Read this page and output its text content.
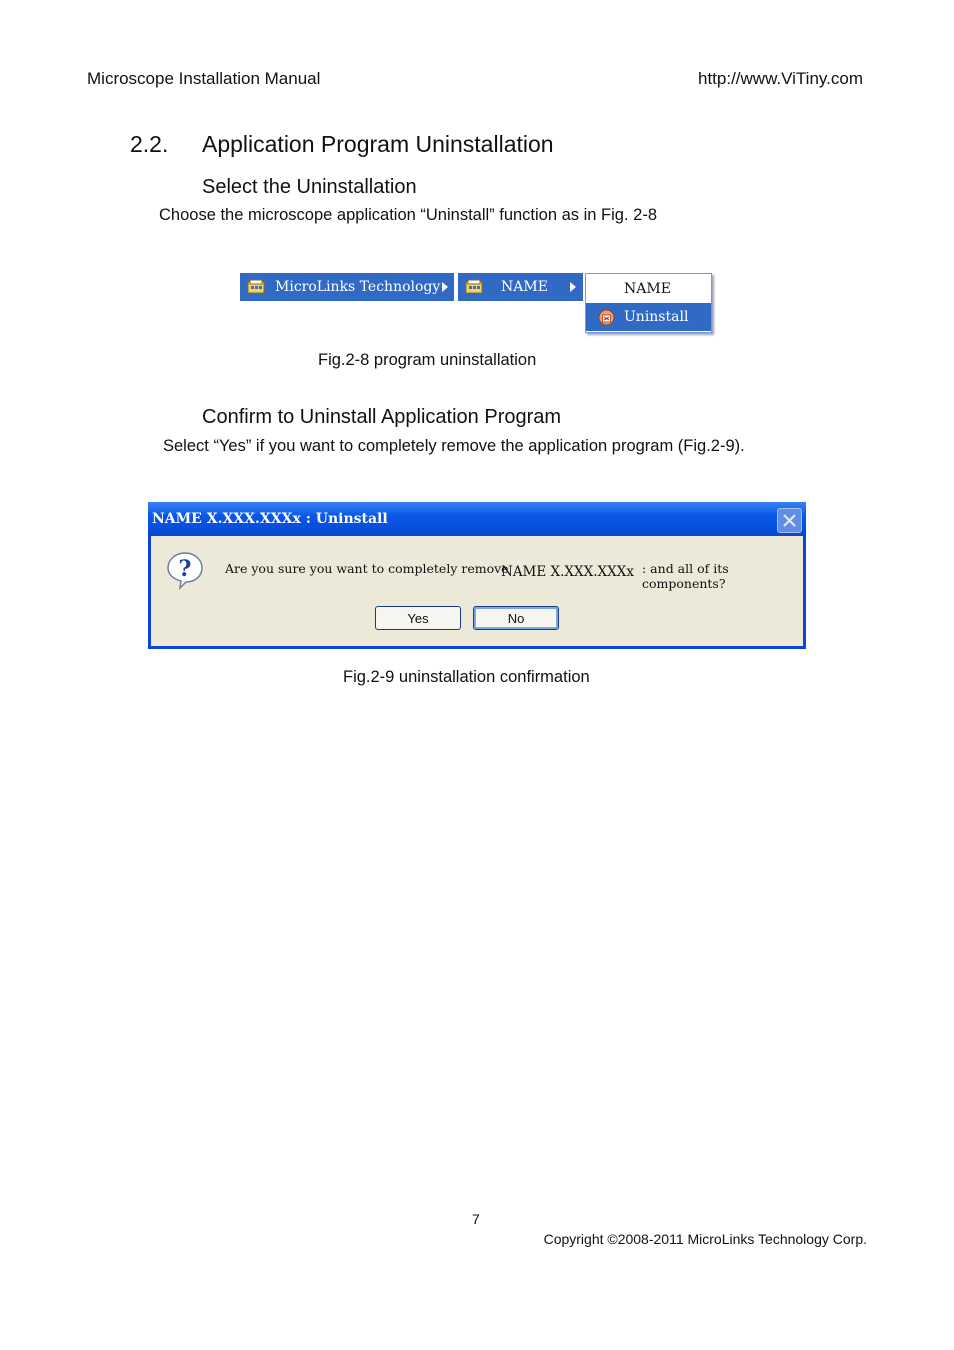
Microscope Installation Manual	http://www.ViTiny.com
2.2. Application Program Uninstallation
Select the Uninstallation
Choose the microscope application “Uninstall” function as in Fig. 2-8
MicroLinks Technology	NAME	NAME
Uninstall
Fig.2-8 program uninstallation
Confirm to Uninstall Application Program
Select “Yes” if you want to completely remove the application program (Fig.2-9).
NAME X.XXX.XXXx : Uninstall
?	Are you sure you want to completely remove
NAME X.XXX.XXXx : and all of its components?
Yes	No
Fig.2-9 uninstallation confirmation
7
Copyright ©2008-2011 MicroLinks Technology Corp.
